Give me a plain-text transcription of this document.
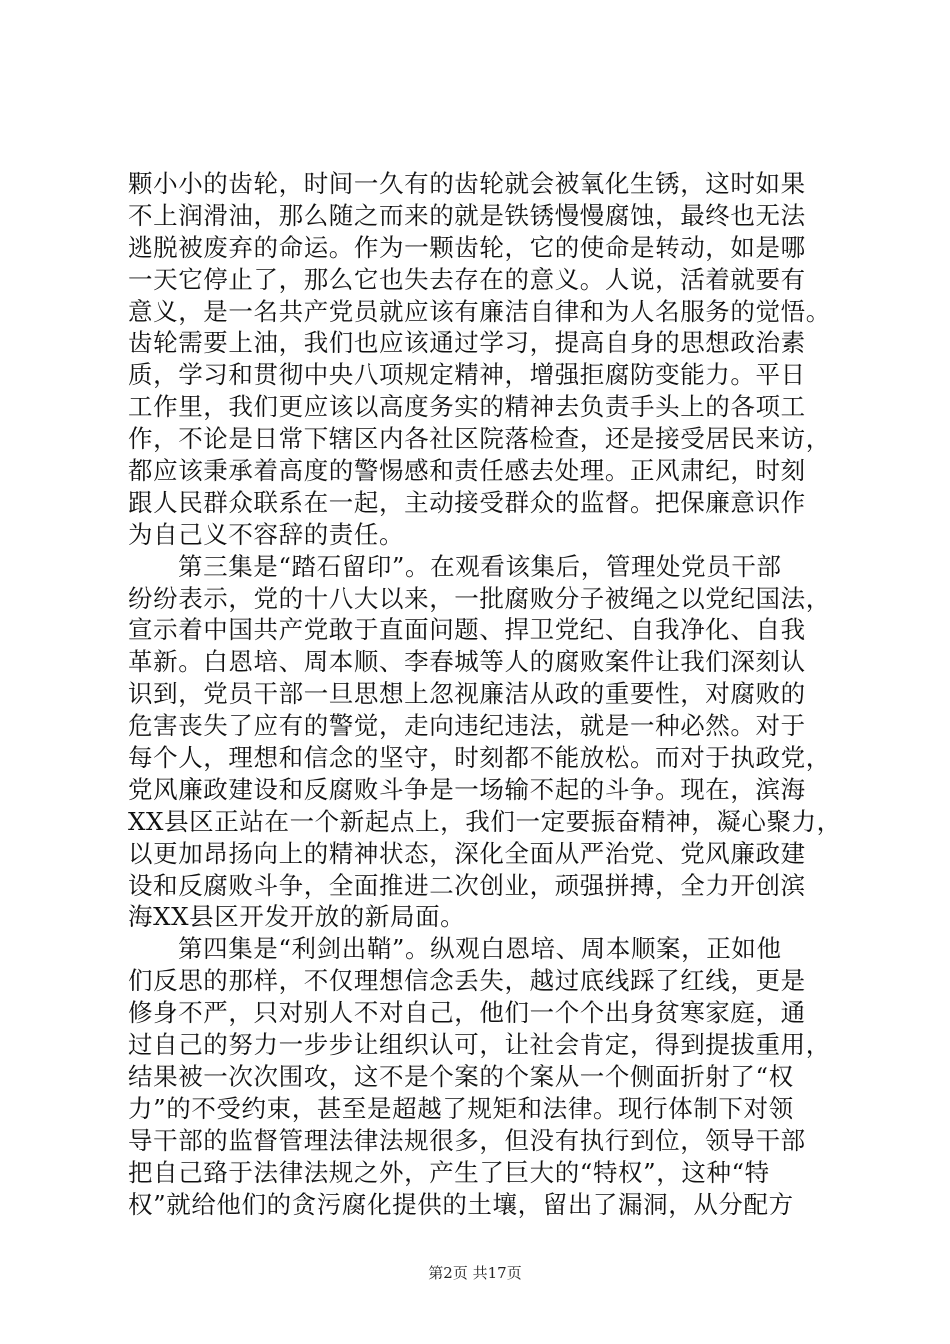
颗小小的齿轮，时间一久有的齿轮就会被氧化生锈，这时如果
不上润滑油，那么随之而来的就是铁锈慢慢腐蚀，最终也无法
逃脱被废弃的命运。作为一颗齿轮，它的使命是转动，如是哪
一天它停止了，那么它也失去存在的意义。人说，活着就要有
意义，是一名共产党员就应该有廉洁自律和为人名服务的觉悟。
齿轮需要上油，我们也应该通过学习，提高自身的思想政治素
质，学习和贯彻中央八项规定精神，增强拒腐防变能力。平日
工作里，我们更应该以高度务实的精神去负责手头上的各项工
作，不论是日常下辖区内各社区院落检查，还是接受居民来访，
都应该秉承着高度的警惕感和责任感去处理。正风肃纪，时刻
跟人民群众联系在一起，主动接受群众的监督。把保廉意识作
为自己义不容辞的责任。
第三集是“踏石留印”。在观看该集后，管理处党员干部
纷纷表示，党的十八大以来，一批腐败分子被绳之以党纪国法，
宣示着中国共产党敢于直面问题、捍卫党纪、自我净化、自我
革新。白恩培、周本顺、李春城等人的腐败案件让我们深刻认
识到，党员干部一旦思想上忽视廉洁从政的重要性，对腐败的
危害丧失了应有的警觉，走向违纪违法，就是一种必然。对于
每个人，理想和信念的坚守，时刻都不能放松。而对于执政党，
党风廉政建设和反腐败斗争是一场输不起的斗争。现在，滨海
XX县区正站在一个新起点上，我们一定要振奋精神，凝心聚力，
以更加昂扬向上的精神状态，深化全面从严治党、党风廉政建
设和反腐败斗争，全面推进二次创业，顽强拼搏，全力开创滨
海XX县区开发开放的新局面。
第四集是“利剑出鞘”。纵观白恩培、周本顺案，正如他
们反思的那样，不仅理想信念丢失，越过底线踩了红线，更是
修身不严，只对别人不对自己，他们一个个出身贫寒家庭，通
过自己的努力一步步让组织认可，让社会肯定，得到提拔重用，
结果被一次次围攻，这不是个案的个案从一个侧面折射了“权
力”的不受约束，甚至是超越了规矩和法律。现行体制下对领
导干部的监督管理法律法规很多，但没有执行到位，领导干部
把自己臵于法律法规之外，产生了巨大的“特权”，这种“特
权”就给他们的贪污腐化提供的土壤，留出了漏洞，从分配方
第2页 共17页
